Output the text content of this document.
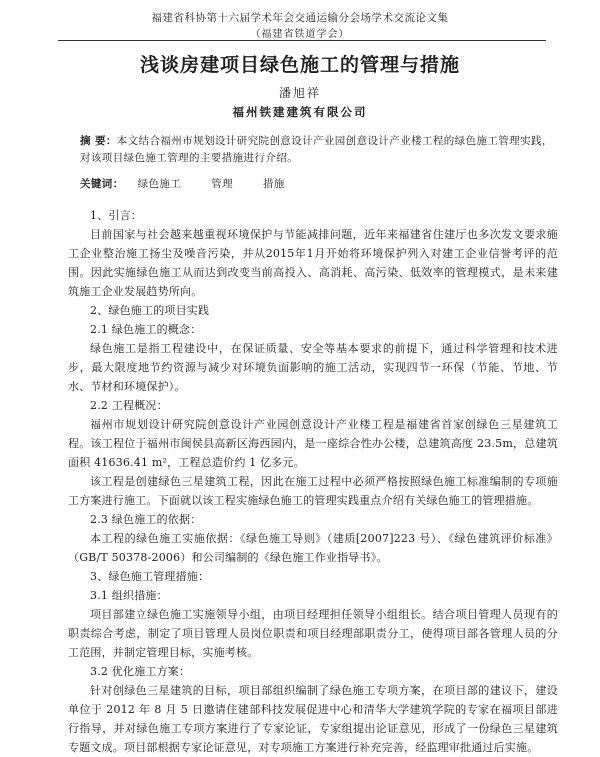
福建省科协第十六届学术年会交通运输分会场学术交流论文集
（福建省铁道学会）
浅谈房建项目绿色施工的管理与措施
潘旭祥
福州铁建建筑有限公司
摘 要：本文结合福州市规划设计研究院创意设计产业园创意设计产业楼工程的绿色施工管理实践，对该项目绿色施工管理的主要措施进行介绍。
关键词： 绿色施工	管理	措施
1、引言：
目前国家与社会越来越重视环境保护与节能减排问题，近年来福建省住建厅也多次发文要求施工企业整治施工扬尘及噪音污染，并从2015年1月开始将环境保护列入对建工企业信誉考评的范围。因此实施绿色施工从而达到改变当前高投入、高消耗、高污染、低效率的管理模式，是未来建筑施工企业发展趋势所向。
2、绿色施工的项目实践
2.1 绿色施工的概念：
绿色施工是指工程建设中，在保证质量、安全等基本要求的前提下，通过科学管理和技术进步，最大限度地节约资源与减少对环境负面影响的施工活动，实现四节一环保（节能、节地、节水、节材和环境保护）。
2.2 工程概况：
福州市规划设计研究院创意设计产业园创意设计产业楼工程是福建省首家创绿色三星建筑工程。该工程位于福州市闽侯县高新区海西园内，是一座综合性办公楼，总建筑高度 23.5m，总建筑面积 41636.41 m²，工程总造价约 1 亿多元。
该工程是创建绿色三星建筑工程，因此在施工过程中必须严格按照绿色施工标准编制的专项施工方案进行施工。下面就以该工程实施绿色施工的管理实践重点介绍有关绿色施工的管理措施。
2.3 绿色施工的依据：
本工程的绿色施工实施依据：《绿色施工导则》（建质[2007]223 号）、《绿色建筑评价标准》（GB/T 50378-2006）和公司编制的《绿色施工作业指导书》。
3、绿色施工管理措施：
3.1 组织措施：
项目部建立绿色施工实施领导小组，由项目经理担任领导小组组长。结合项目管理人员现有的职责综合考虑，制定了项目管理人员岗位职责和项目经理部职责分工，使得项目部各管理人员的分工范围，并制定管理目标，实施考核。
3.2 优化施工方案：
针对创绿色三星建筑的目标，项目部组织编制了绿色施工专项方案，在项目部的建议下，建设单位于 2012 年 8 月 5 日邀请住建部科技发展促进中心和清华大学建筑学院的专家在福项目部进行指导，并对绿色施工专项方案进行了专家论证，专家组提出论证意见，形成了一份绿色三星建筑专题文成。项目部根据专家论证意见，对专项施工方案进行补充完善，经监理审批通过后实施。
